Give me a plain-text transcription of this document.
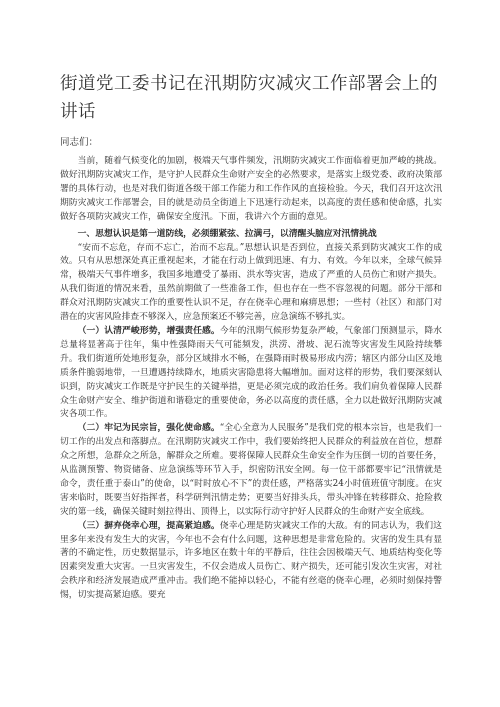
街道党工委书记在汛期防灾减灾工作部署会上的讲话
同志们：

当前，随着气候变化的加剧，极端天气事件频发，汛期防灾减灾工作面临着更加严峻的挑战。做好汛期防灾减灾工作，是守护人民群众生命财产安全的必然要求，是落实上级党委、政府决策部署的具体行动，也是对我们街道各级干部工作能力和工作作风的直接检验。今天，我们召开这次汛期防灾减灾工作部署会，目的就是动员全街道上下迅速行动起来，以高度的责任感和使命感，扎实做好各项防灾减灾工作，确保安全度汛。下面，我讲六个方面的意见。

一、思想认识是第一道防线，必须绷紧弦、拉满弓，以清醒头脑应对汛情挑战

“安而不忘危，存而不忘亡，治而不忘乱。”思想认识是否到位，直接关系到防灾减灾工作的成效。只有从思想深处真正重视起来，才能在行动上做到迅速、有力、有效。今年以来，全球气候异常，极端天气事件增多，我国多地遭受了暴雨、洪水等灾害，造成了严重的人员伤亡和财产损失。从我们街道的情况来看，虽然前期做了一些准备工作，但也存在一些不容忽视的问题。部分干部和群众对汛期防灾减灾工作的重要性认识不足，存在侥幸心理和麻痹思想；一些村（社区）和部门对潜在的灾害风险排查不够深入，应急预案还不够完善，应急演练不够扎实。

（一）认清严峻形势，增强责任感。今年的汛期气候形势复杂严峻，气象部门预测显示，降水总量将显著高于往年，集中性强降雨天气可能频发，洪涝、滑坡、泥石流等灾害发生风险持续攀升。我们街道所处地形复杂，部分区域排水不畅，在强降雨时极易形成内涝；辖区内部分山区及地质条件脆弱地带，一旦遭遇持续降水，地质灾害隐患将大幅增加。面对这样的形势，我们要深刻认识到，防灾减灾工作既是守护民生的关键举措，更是必须完成的政治任务。我们肩负着保障人民群众生命财产安全、维护街道和谐稳定的重要使命，务必以高度的责任感，全力以赴做好汛期防灾减灾各项工作。

（二）牢记为民宗旨，强化使命感。“全心全意为人民服务”是我们党的根本宗旨，也是我们一切工作的出发点和落脚点。在汛期防灾减灾工作中，我们要始终把人民群众的利益放在首位，想群众之所想，急群众之所急，解群众之所难。要将保障人民群众生命安全作为压倒一切的首要任务，从监测预警、物资储备、应急演练等环节入手，织密防汛安全网。每一位干部都要牢记“汛情就是命令，责任重于泰山”的使命，以“时时放心不下”的责任感，严格落实24小时值班值守制度。在灾害来临时，既要当好指挥者，科学研判汛情走势；更要当好排头兵，带头冲锋在转移群众、抢险救灾的第一线，确保关键时刻拉得出、顶得上，以实际行动守护好人民群众的生命财产安全底线。

（三）摒弃侥幸心理，提高紧迫感。侥幸心理是防灾减灾工作的大敌。有的同志认为，我们这里多年来没有发生大的灾害，今年也不会有什么问题，这种思想是非常危险的。灾害的发生具有显著的不确定性，历史数据显示，许多地区在数十年的平静后，往往会因极端天气、地质结构变化等因素突发重大灾害。一旦灾害发生，不仅会造成人员伤亡、财产损失，还可能引发次生灾害，对社会秩序和经济发展造成严重冲击。我们绝不能掉以轻心，不能有丝毫的侥幸心理，必须时刻保持警惕，切实提高紧迫感。要充
